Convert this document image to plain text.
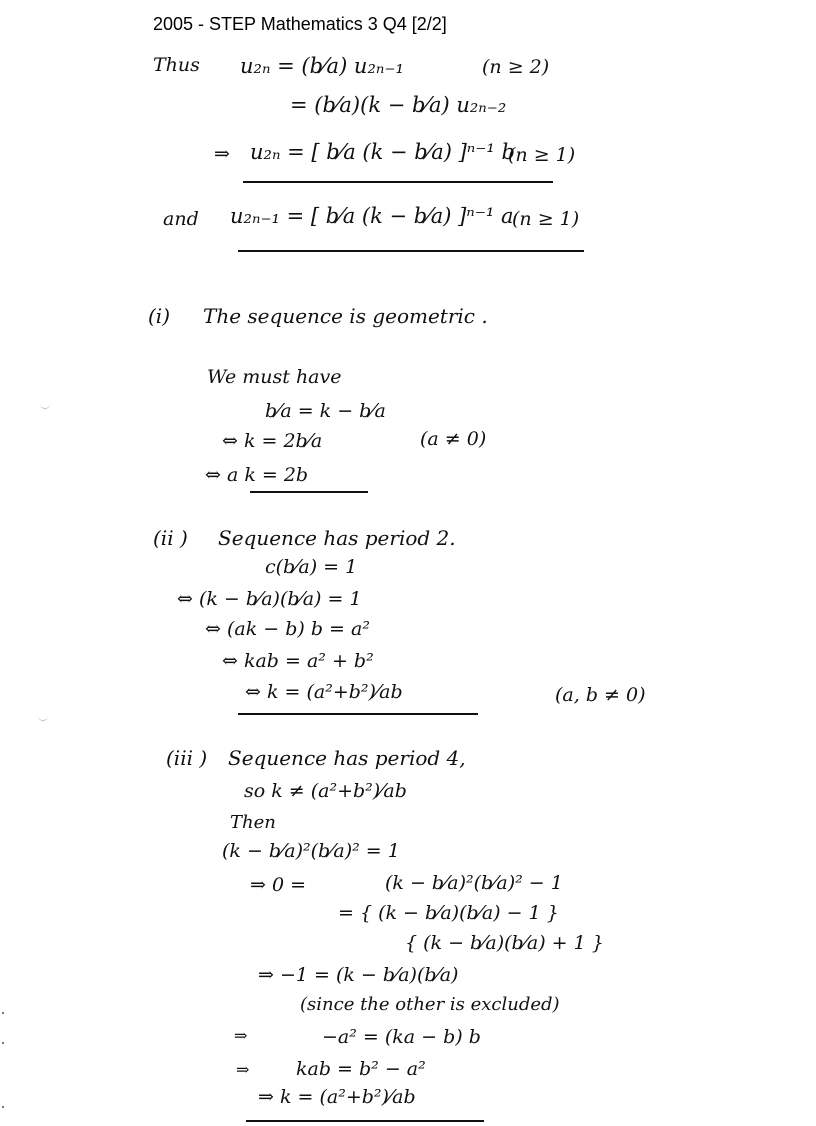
2005 - STEP Mathematics 3 Q4 [2/2]
Thus u₂ₙ = (b⁄a) u₂ₙ₋₁	(n ≥ 2)
= (b⁄a)(k − b⁄a) u₂ₙ₋₂
⇒ u₂ₙ = [ b⁄a (k − b⁄a) ]ⁿ⁻¹ b
(n ≥ 1)
and u₂ₙ₋₁ = [ b⁄a (k − b⁄a) ]ⁿ⁻¹ a
(n ≥ 1)
(i) The sequence is geometric .
We must have
b⁄a = k − b⁄a
⇔ k = 2b⁄a	(a ≠ 0)
⇔ a k = 2b
(ii ) Sequence has period 2.
c(b⁄a) = 1
⇔ (k − b⁄a)(b⁄a) = 1
⇔ (ak − b) b = a²
⇔ kab = a² + b²
⇔ k = (a²+b²)⁄ab	(a, b ≠ 0)
(iii ) Sequence has period 4,
so k ≠ (a²+b²)⁄ab
Then
(k − b⁄a)²(b⁄a)² = 1
⇒ 0 =	(k − b⁄a)²(b⁄a)² − 1
= { (k − b⁄a)(b⁄a) − 1 }
{ (k − b⁄a)(b⁄a) + 1 }
⇒ −1 = (k − b⁄a)(b⁄a)
(since the other is excluded)
⇒	−a² = (ka − b) b
⇒ kab = b² − a²
⇒ k = (a²+b²)⁄ab
